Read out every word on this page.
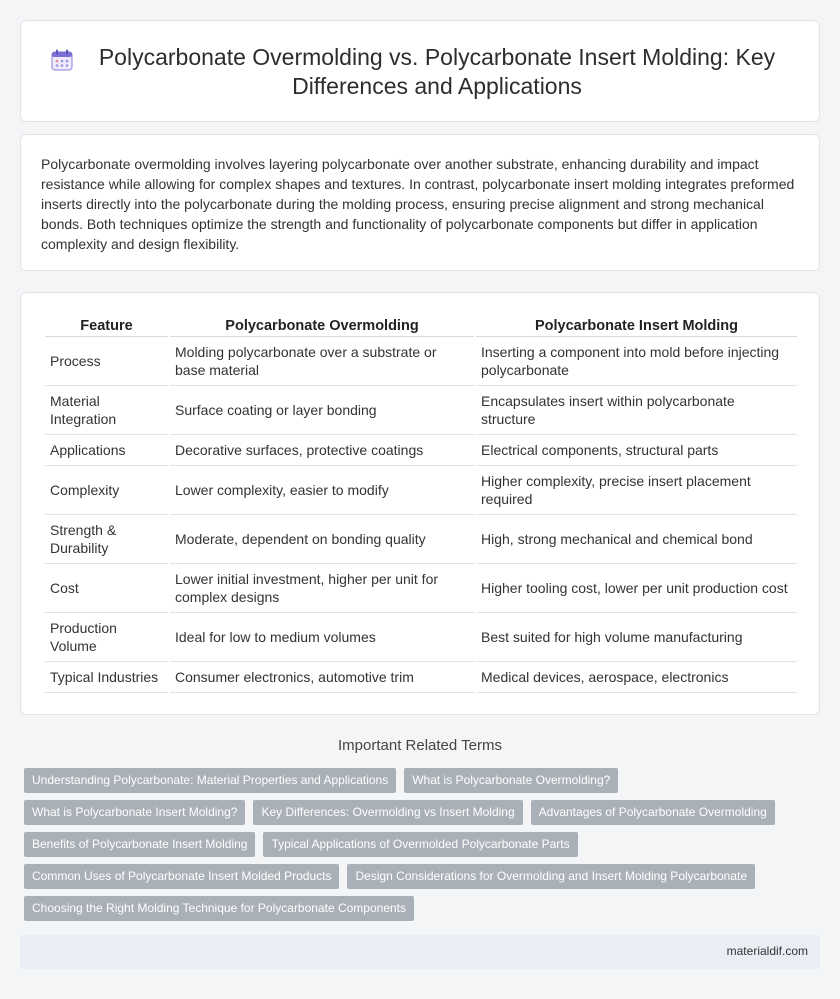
Polycarbonate Overmolding vs. Polycarbonate Insert Molding: Key Differences and Applications

Polycarbonate overmolding involves layering polycarbonate over another substrate, enhancing durability and impact resistance while allowing for complex shapes and textures. In contrast, polycarbonate insert molding integrates preformed inserts directly into the polycarbonate during the molding process, ensuring precise alignment and strong mechanical bonds. Both techniques optimize the strength and functionality of polycarbonate components but differ in application complexity and design flexibility.

Feature	Polycarbonate Overmolding	Polycarbonate Insert Molding
Process	Molding polycarbonate over a substrate or base material	Inserting a component into mold before injecting polycarbonate
Material Integration	Surface coating or layer bonding	Encapsulates insert within polycarbonate structure
Applications	Decorative surfaces, protective coatings	Electrical components, structural parts
Complexity	Lower complexity, easier to modify	Higher complexity, precise insert placement required
Strength & Durability	Moderate, dependent on bonding quality	High, strong mechanical and chemical bond
Cost	Lower initial investment, higher per unit for complex designs	Higher tooling cost, lower per unit production cost
Production Volume	Ideal for low to medium volumes	Best suited for high volume manufacturing
Typical Industries	Consumer electronics, automotive trim	Medical devices, aerospace, electronics
Important Related Terms
Understanding Polycarbonate: Material Properties and Applications	What is Polycarbonate Overmolding?
What is Polycarbonate Insert Molding?	Key Differences: Overmolding vs Insert Molding	Advantages of Polycarbonate Overmolding
Benefits of Polycarbonate Insert Molding	Typical Applications of Overmolded Polycarbonate Parts
Common Uses of Polycarbonate Insert Molded Products	Design Considerations for Overmolding and Insert Molding Polycarbonate
Choosing the Right Molding Technique for Polycarbonate Components
materialdif.com
